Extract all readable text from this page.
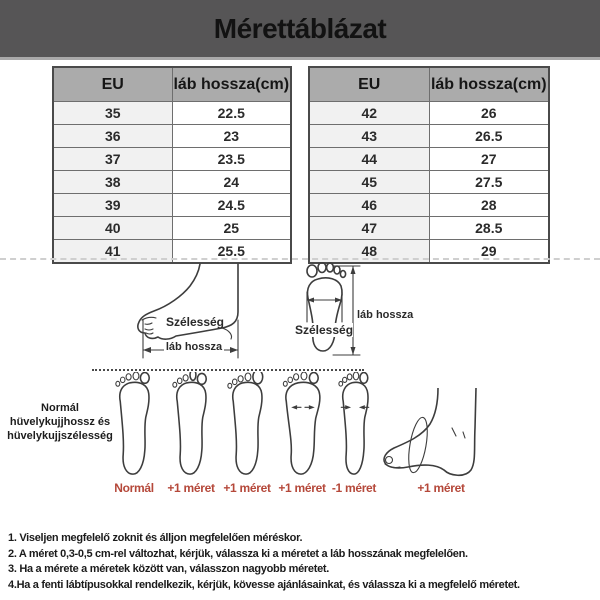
Mérettáblázat
EU	láb hossza(cm)
35	22.5
36	23
37	23.5
38	24
39	24.5
40	25
41	25.5
EU	láb hossza(cm)
42	26
43	26.5
44	27
45	27.5
46	28
47	28.5
48	29
Szélesség
láb hossza
Szélesség
láb hossza
Normál
hüvelykujjhossz és
hüvelykujjszélesség
Normál	+1 méret +1 méret +1 méret -1 méret	+1 méret
1. Viseljen megfelelő zoknit és álljon megfelelően méréskor.
2. A méret 0,3-0,5 cm-rel változhat, kérjük, válassza ki a méretet a láb hosszának megfelelően.
3. Ha a mérete a méretek között van, válasszon nagyobb méretet.
4.Ha a fenti lábtípusokkal rendelkezik, kérjük, kövesse ajánlásainkat, és válassza ki a megfelelő méretet.
